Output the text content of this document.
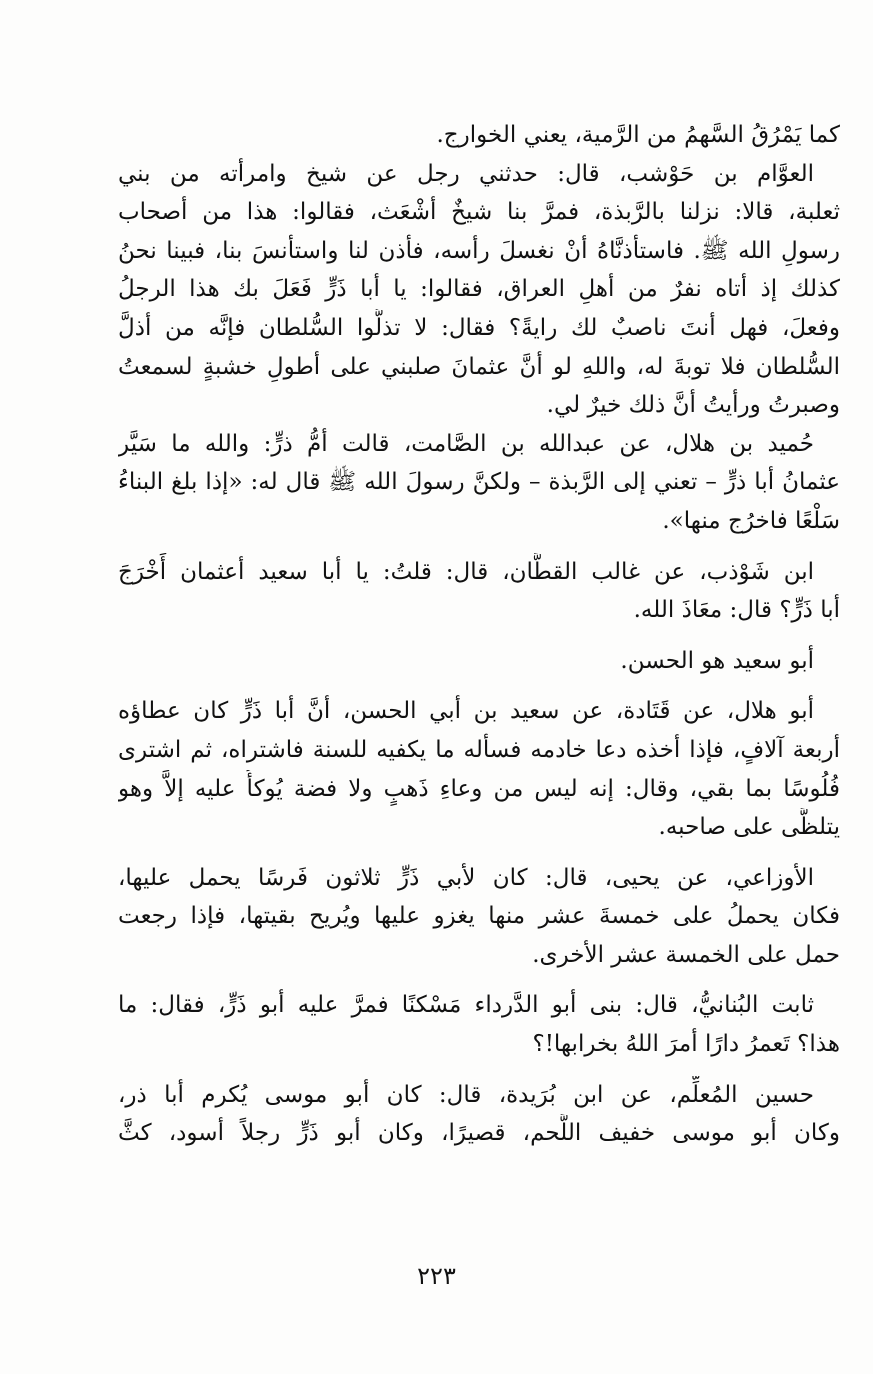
كما يَمْرُقُ السَّهمُ من الرَّمية، يعني الخوارج.
العوَّام بن حَوْشب، قال: حدثني رجل عن شيخ وامرأته من بني
ثعلبة، قالا: نزلنا بالرَّبذة، فمرَّ بنا شيخٌ أشْعَث، فقالوا: هذا من أصحاب
رسولِ الله ﷺ. فاستأذنَّاهُ أنْ نغسلَ رأسه، فأذن لنا واستأنسَ بنا، فبينا نحنُ
كذلك إذ أتاه نفرٌ من أهلِ العراق، فقالوا: يا أبا ذَرٍّ فَعَلَ بك هذا الرجلُ
وفعلَ، فهل أنتَ ناصبٌ لك رايةً؟ فقال: لا تذلُّوا السُّلطان فإنَّه من أذلَّ
السُّلطان فلا توبةَ له، واللهِ لو أنَّ عثمانَ صلبني على أطولِ خشبةٍ لسمعتُ
وصبرتُ ورأيتُ أنَّ ذلك خيرٌ لي.
حُميد بن هلال، عن عبدالله بن الصَّامت، قالت أمُّ ذرٍّ: والله ما سَيَّر
عثمانُ أبا ذرٍّ – تعني إلى الرَّبذة – ولكنَّ رسولَ الله ﷺ قال له: «إذا بلغ البناءُ
سَلْعًا فاخرُج منها».
ابن شَوْذب، عن غالب القطَّان، قال: قلتُ: يا أبا سعيد أعثمان أَخْرَجَ
أبا ذَرٍّ؟ قال: معَاذَ الله.
أبو سعيد هو الحسن.
أبو هلال، عن قَتَادة، عن سعيد بن أبي الحسن، أنَّ أبا ذَرٍّ كان عطاؤه
أربعة آلافٍ، فإذا أخذه دعا خادمه فسأله ما يكفيه للسنة فاشتراه، ثم اشترى
فُلُوسًا بما بقي، وقال: إنه ليس من وعاءِ ذَهبٍ ولا فضة يُوكأُ عليه إلاَّ وهو
يتلظَّى على صاحبه.
الأوزاعي، عن يحيى، قال: كان لأبي ذَرٍّ ثلاثون فَرسًا يحمل عليها،
فكان يحملُ على خمسةَ عشر منها يغزو عليها ويُريح بقيتها، فإذا رجعت
حمل على الخمسة عشر الأخرى.
ثابت البُنانيُّ، قال: بنى أبو الدَّرداء مَسْكنًا فمرَّ عليه أبو ذَرٍّ، فقال: ما
هذا؟ تَعمرُ دارًا أمرَ اللهُ بخرابها!؟
حسين المُعلِّم، عن ابن بُرَيدة، قال: كان أبو موسى يُكرم أبا ذر،
وكان أبو موسى خفيف اللَّحم، قصيرًا، وكان أبو ذَرٍّ رجلاً أسود، كثَّ
٢٢٣
